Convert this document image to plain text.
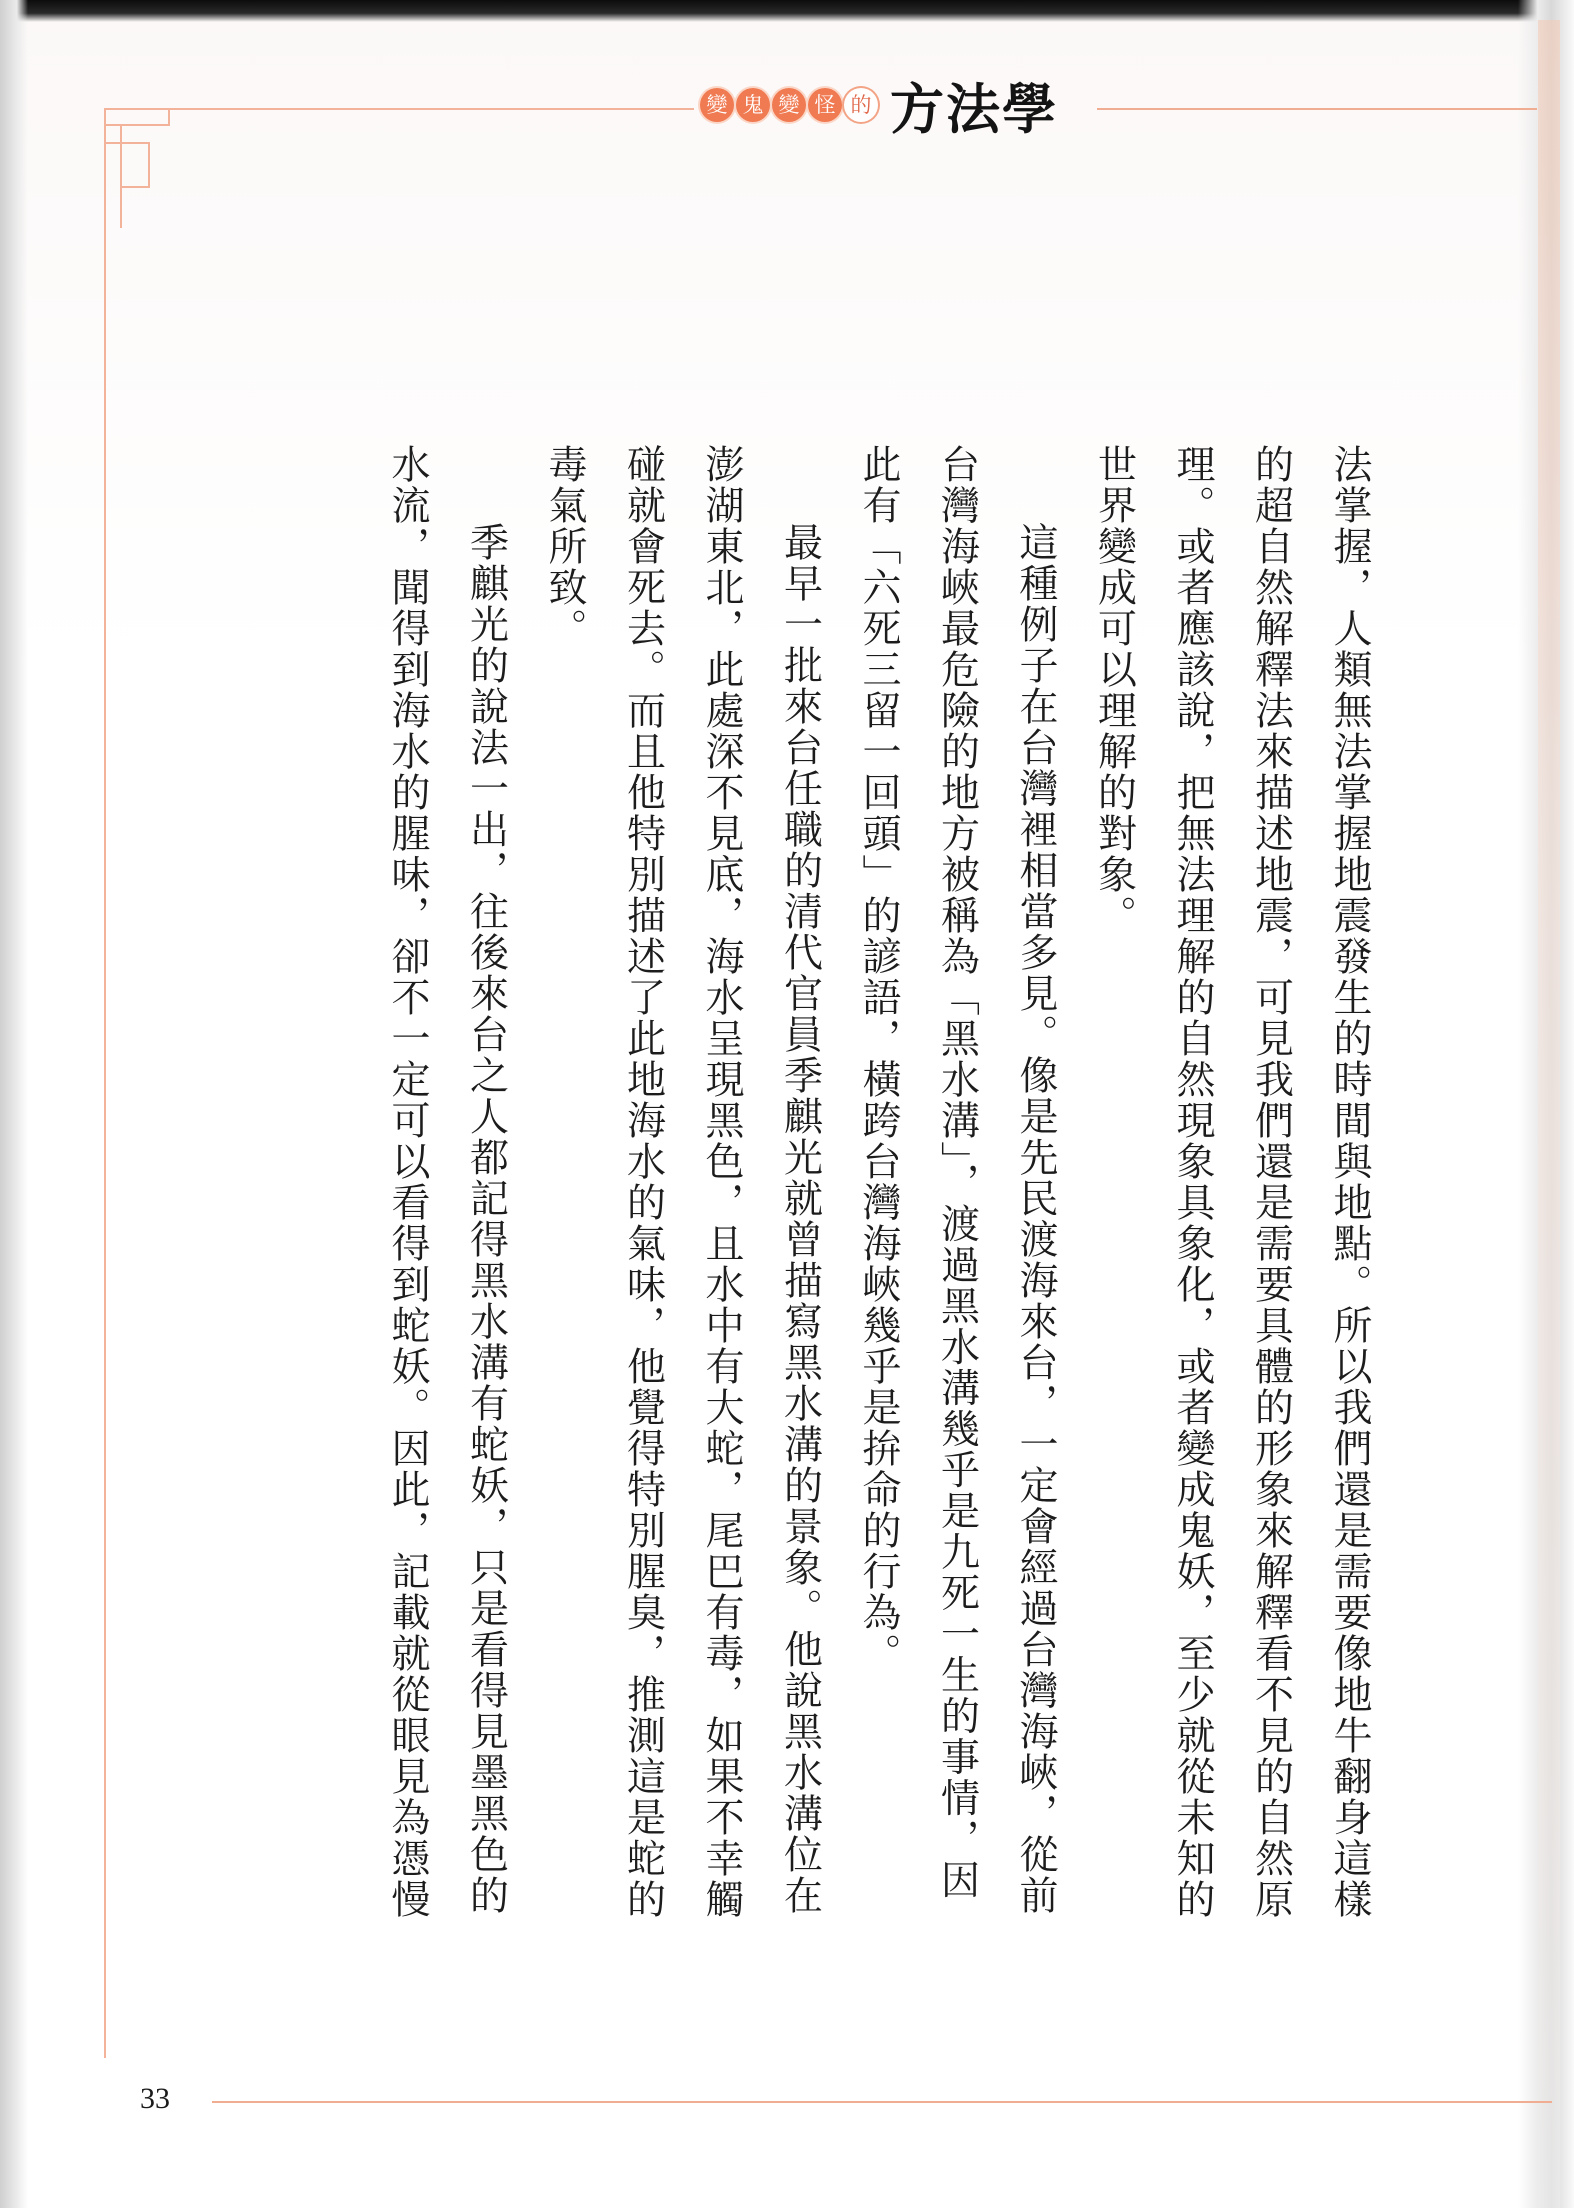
變 鬼 變 怪 的 方法學

法掌握，人類無法掌握地震發生的時間與地點。所以我們還是需要像地牛翻身這樣的超自然解釋法來描述地震，可見我們還是需要具體的形象來解釋看不見的自然原理。或者應該說，把無法理解的自然現象具象化，或者變成鬼妖，至少就從未知的世界變成可以理解的對象。

這種例子在台灣裡相當多見。像是先民渡海來台，一定會經過台灣海峽，從前台灣海峽最危險的地方被稱為「黑水溝」，渡過黑水溝幾乎是九死一生的事情，因此有「六死三留一回頭」的諺語，橫跨台灣海峽幾乎是拚命的行為。

最早一批來台任職的清代官員季麒光就曾描寫黑水溝的景象。他說黑水溝位在澎湖東北，此處深不見底，海水呈現黑色，且水中有大蛇，尾巴有毒，如果不幸觸碰就會死去。而且他特別描述了此地海水的氣味，他覺得特別腥臭，推測這是蛇的毒氣所致。

季麒光的說法一出，往後來台之人都記得黑水溝有蛇妖，只是看得見墨黑色的水流，聞得到海水的腥味，卻不一定可以看得到蛇妖。因此，記載就從眼見為憑慢

33
